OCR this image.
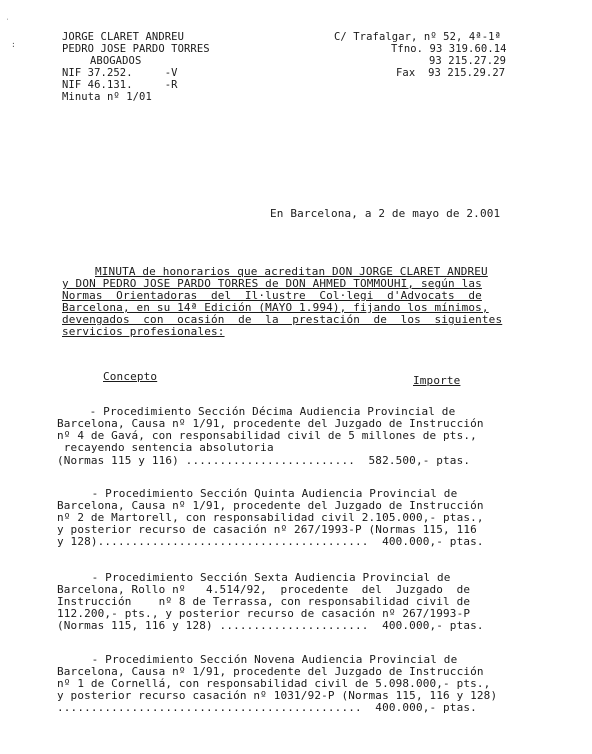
˙
:
JORGE CLARET ANDREU
PEDRO JOSE PARDO TORRES
ABOGADOS
NIF 37.252.     -V
NIF 46.131.     -R
Minuta nº 1/01
C/ Trafalgar, nº 52, 4ª-1ª
Tfno. 93 319.60.14
93 215.27.29
Fax  93 215.29.27
En Barcelona, a 2 de mayo de 2.001
MINUTA de honorarios que acreditan DON JORGE CLARET ANDREU
y DON PEDRO JOSE PARDO TORRES de DON AHMED TOMMOUHI, según las
Normas  Orientadoras  del  Il·lustre  Col·legi  d'Advocats  de
Barcelona, en su 14ª Edición (MAYO 1.994), fijando los mínimos,
devengados  con  ocasión  de  la  prestación  de  los  siguientes
servicios profesionales:
Concepto	Importe
- Procedimiento Sección Décima Audiencia Provincial de
Barcelona, Causa nº 1/91, procedente del Juzgado de Instrucción
nº 4 de Gavá, con responsabilidad civil de 5 millones de pts.,
recayendo sentencia absolutoria
(Normas 115 y 116) .........................  582.500,- ptas.
- Procedimiento Sección Quinta Audiencia Provincial de
Barcelona, Causa nº 1/91, procedente del Juzgado de Instrucción
nº 2 de Martorell, con responsabilidad civil 2.105.000,- ptas.,
y posterior recurso de casación nº 267/1993-P (Normas 115, 116
y 128)........................................  400.000,- ptas.
- Procedimiento Sección Sexta Audiencia Provincial de
Barcelona, Rollo nº   4.514/92,  procedente  del  Juzgado  de
Instrucción    nº 8 de Terrassa, con responsabilidad civil de
112.200,- pts., y posterior recurso de casación nº 267/1993-P
(Normas 115, 116 y 128) ......................  400.000,- ptas.
- Procedimiento Sección Novena Audiencia Provincial de
Barcelona, Causa nº 1/91, procedente del Juzgado de Instrucción
nº 1 de Cornellá, con responsabilidad civil de 5.098.000,- pts.,
y posterior recurso casación nº 1031/92-P (Normas 115, 116 y 128)
.............................................  400.000,- ptas.
